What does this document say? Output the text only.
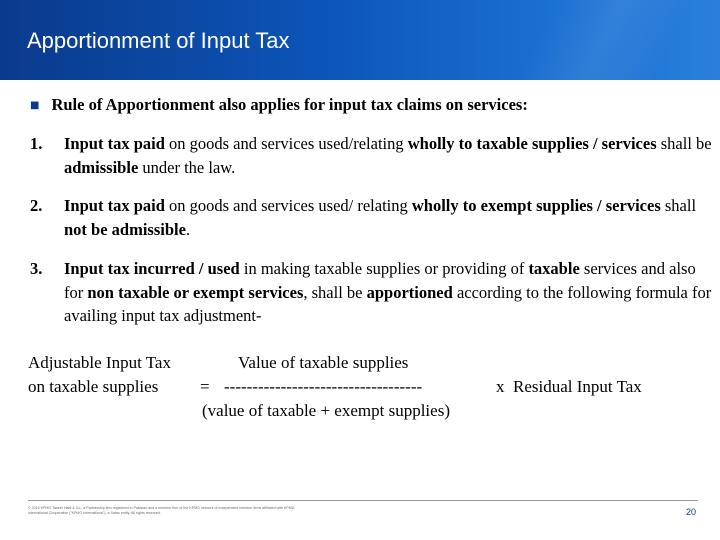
Apportionment of Input Tax
■ Rule of Apportionment also applies for input tax claims on services:
1. Input tax paid on goods and services used/relating wholly to taxable supplies / services shall be admissible under the law.
2. Input tax paid on goods and services used/ relating wholly to exempt supplies / services shall not be admissible.
3. Input tax incurred / used in making taxable supplies or providing of taxable services and also for non taxable or exempt services, shall be apportioned according to the following formula for availing input tax adjustment-
Adjustable Input Tax	Value of taxable supplies
on taxable supplies = -----------------------------------	x  Residual Input Tax
(value of taxable + exempt supplies)
© 2016 KPMG Taseer Hadi & Co., a Partnership firm registered in Pakistan and a member firm of the KPMG network of independent member firms affiliated with KPMG International Cooperative ("KPMG International"), a Swiss entity. All rights reserved.	20
